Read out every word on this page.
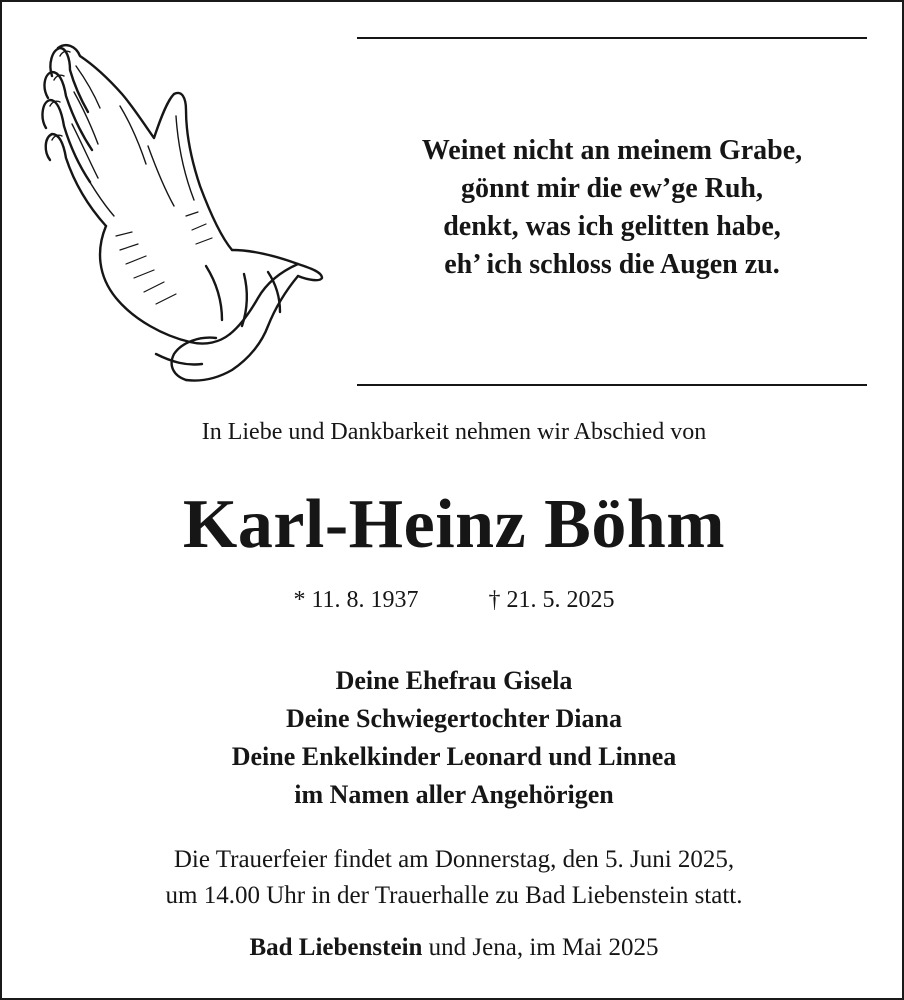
Weinet nicht an meinem Grabe,
gönnt mir die ew’ge Ruh,
denkt, was ich gelitten habe,
eh’ ich schloss die Augen zu.
In Liebe und Dankbarkeit nehmen wir Abschied von
Karl-Heinz Böhm
* 11. 8. 1937	† 21. 5. 2025
Deine Ehefrau Gisela
Deine Schwiegertochter Diana
Deine Enkelkinder Leonard und Linnea
im Namen aller Angehörigen
Die Trauerfeier findet am Donnerstag, den 5. Juni 2025,
um 14.00 Uhr in der Trauerhalle zu Bad Liebenstein statt.
Bad Liebenstein und Jena, im Mai 2025
